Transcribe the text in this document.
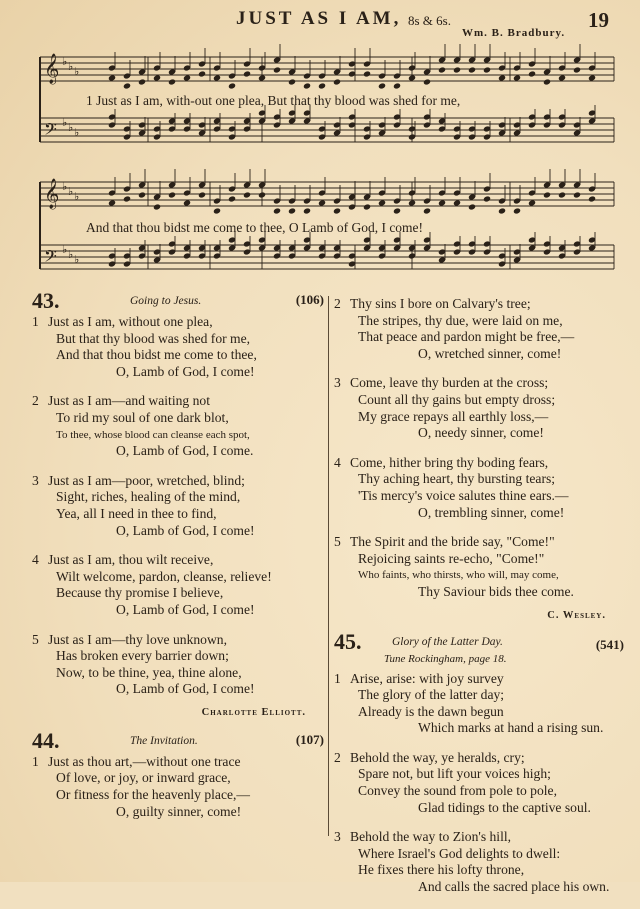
JUST AS I AM, 8s & 6s.
Wm. B. Bradbury.
19
𝄞 ♭ ♭ ♭
𝄢 ♭ ♭ ♭
𝄞 ♭ ♭ ♭
𝄢 ♭ ♭ ♭
1 Just as I am, with-out one plea, But that thy blood was shed for me,
And that thou bidst me come to thee, O Lamb of God, I come!
43.	Going to Jesus.	(106)
1 Just as I am, without one plea,
But that thy blood was shed for me,
And that thou bidst me come to thee,
O, Lamb of God, I come!
2 Just as I am—and waiting not
To rid my soul of one dark blot,
To thee, whose blood can cleanse each spot,
O, Lamb of God, I come.
3 Just as I am—poor, wretched, blind;
Sight, riches, healing of the mind,
Yea, all I need in thee to find,
O, Lamb of God, I come!
4 Just as I am, thou wilt receive,
Wilt welcome, pardon, cleanse, relieve!
Because thy promise I believe,
O, Lamb of God, I come!
5 Just as I am—thy love unknown,
Has broken every barrier down;
Now, to be thine, yea, thine alone,
O, Lamb of God, I come!
Charlotte Elliott.
44.	The Invitation.	(107)
1 Just as thou art,—without one trace
Of love, or joy, or inward grace,
Or fitness for the heavenly place,—
O, guilty sinner, come!
2 Thy sins I bore on Calvary's tree;
The stripes, thy due, were laid on me,
That peace and pardon might be free,—
O, wretched sinner, come!
3 Come, leave thy burden at the cross;
Count all thy gains but empty dross;
My grace repays all earthly loss,—
O, needy sinner, come!
4 Come, hither bring thy boding fears,
Thy aching heart, thy bursting tears;
'Tis mercy's voice salutes thine ears.—
O, trembling sinner, come!
5 The Spirit and the bride say, "Come!"
Rejoicing saints re-echo, "Come!"
Who faints, who thirsts, who will, may come,
Thy Saviour bids thee come.
C. Wesley.
45.	Glory of the Latter Day.
Tune Rockingham, page 18.
(541)
1 Arise, arise: with joy survey
The glory of the latter day;
Already is the dawn begun
Which marks at hand a rising sun.
2 Behold the way, ye heralds, cry;
Spare not, but lift your voices high;
Convey the sound from pole to pole,
Glad tidings to the captive soul.
3 Behold the way to Zion's hill,
Where Israel's God delights to dwell:
He fixes there his lofty throne,
And calls the sacred place his own.
